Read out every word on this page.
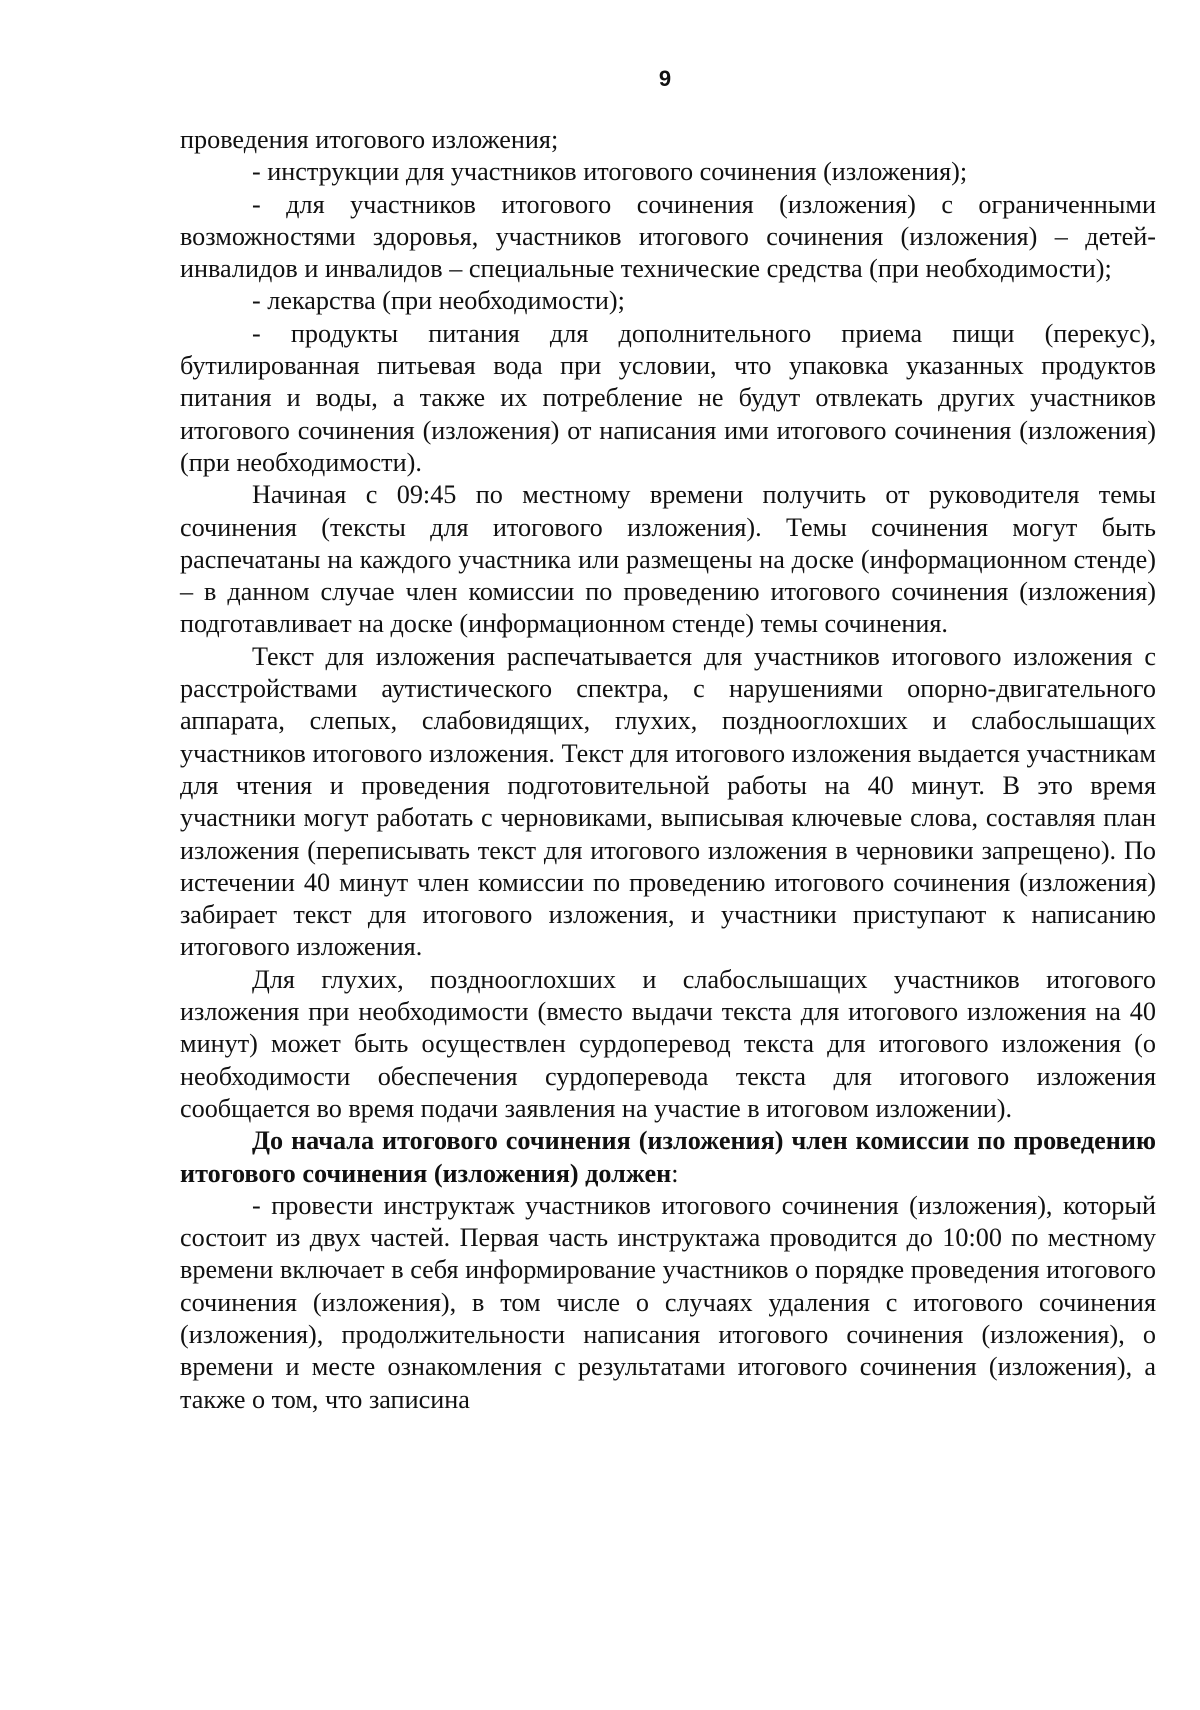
9

проведения итогового изложения;

- инструкции для участников итогового сочинения (изложения);

- для участников итогового сочинения (изложения) с ограниченными возможностями здоровья, участников итогового сочинения (изложения) – детей-инвалидов и инвалидов – специальные технические средства (при необходимости);

- лекарства (при необходимости);

- продукты питания для дополнительного приема пищи (перекус), бутилированная питьевая вода при условии, что упаковка указанных продуктов питания и воды, а также их потребление не будут отвлекать других участников итогового сочинения (изложения) от написания ими итогового сочинения (изложения) (при необходимости).

Начиная с 09:45 по местному времени получить от руководителя темы сочинения (тексты для итогового изложения). Темы сочинения могут быть распечатаны на каждого участника или размещены на доске (информационном стенде) – в данном случае член комиссии по проведению итогового сочинения (изложения) подготавливает на доске (информационном стенде) темы сочинения.

Текст для изложения распечатывается для участников итогового изложения с расстройствами аутистического спектра, с нарушениями опорно-двигательного аппарата, слепых, слабовидящих, глухих, позднооглохших и слабослышащих участников итогового изложения. Текст для итогового изложения выдается участникам для чтения и проведения подготовительной работы на 40 минут. В это время участники могут работать с черновиками, выписывая ключевые слова, составляя план изложения (переписывать текст для итогового изложения в черновики запрещено). По истечении 40 минут член комиссии по проведению итогового сочинения (изложения) забирает текст для итогового изложения, и участники приступают к написанию итогового изложения.

Для глухих, позднооглохших и слабослышащих участников итогового изложения при необходимости (вместо выдачи текста для итогового изложения на 40 минут) может быть осуществлен сурдоперевод текста для итогового изложения (о необходимости обеспечения сурдоперевода текста для итогового изложения сообщается во время подачи заявления на участие в итоговом изложении).

До начала итогового сочинения (изложения) член комиссии по проведению итогового сочинения (изложения) должен:

- провести инструктаж участников итогового сочинения (изложения), который состоит из двух частей. Первая часть инструктажа проводится до 10:00 по местному времени включает в себя информирование участников о порядке проведения итогового сочинения (изложения), в том числе о случаях удаления с итогового сочинения (изложения), продолжительности написания итогового сочинения (изложения), о времени и месте ознакомления с результатами итогового сочинения (изложения), а также о том, что записина
